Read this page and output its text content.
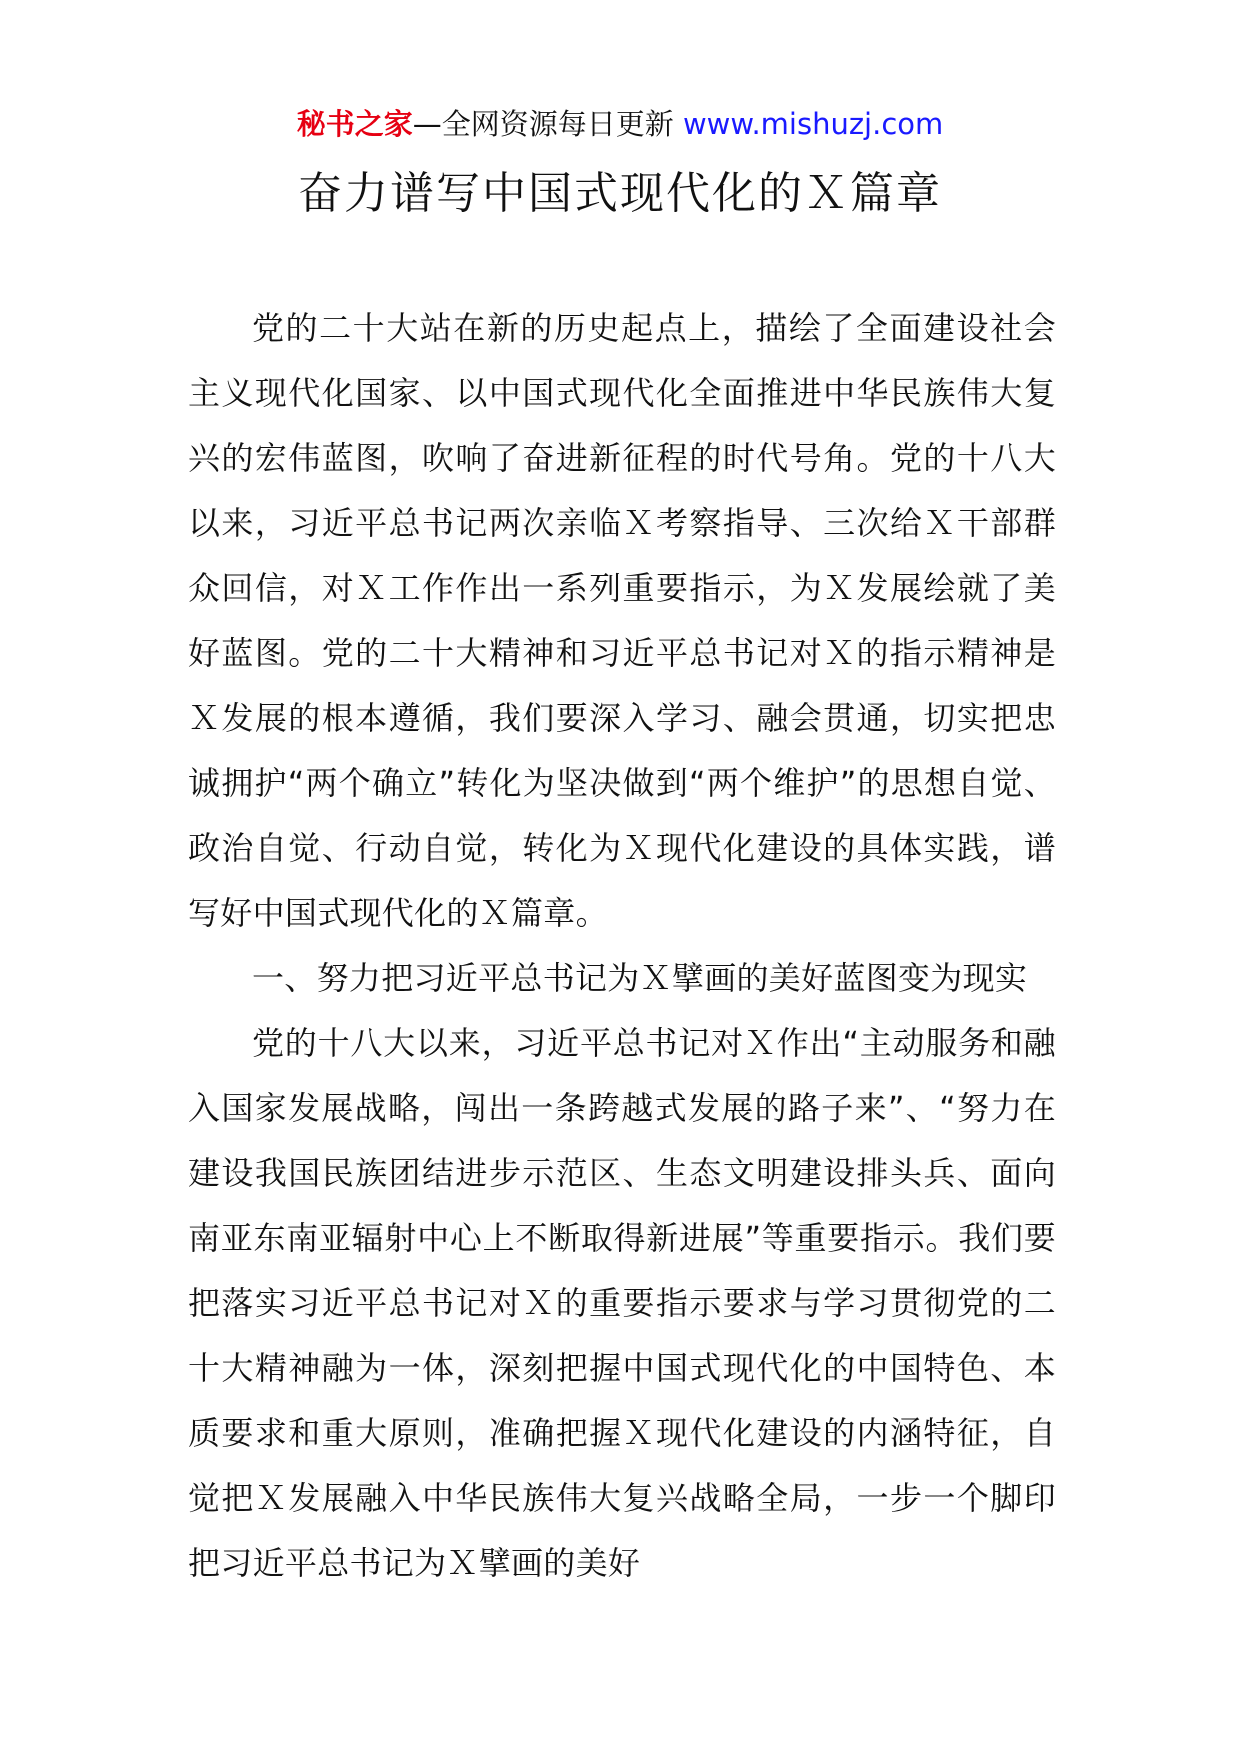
秘书之家—全网资源每日更新 www.mishuzj.com
奋力谱写中国式现代化的Ｘ篇章

党的二十大站在新的历史起点上，描绘了全面建设社会主义现代化国家、以中国式现代化全面推进中华民族伟大复兴的宏伟蓝图，吹响了奋进新征程的时代号角。党的十八大以来，习近平总书记两次亲临Ｘ考察指导、三次给Ｘ干部群众回信，对Ｘ工作作出一系列重要指示，为Ｘ发展绘就了美好蓝图。党的二十大精神和习近平总书记对Ｘ的指示精神是Ｘ发展的根本遵循，我们要深入学习、融会贯通，切实把忠诚拥护“两个确立”转化为坚决做到“两个维护”的思想自觉、政治自觉、行动自觉，转化为Ｘ现代化建设的具体实践，谱写好中国式现代化的Ｘ篇章。

一、努力把习近平总书记为Ｘ擘画的美好蓝图变为现实

党的十八大以来，习近平总书记对Ｘ作出“主动服务和融入国家发展战略，闯出一条跨越式发展的路子来”、“努力在建设我国民族团结进步示范区、生态文明建设排头兵、面向南亚东南亚辐射中心上不断取得新进展”等重要指示。我们要把落实习近平总书记对Ｘ的重要指示要求与学习贯彻党的二十大精神融为一体，深刻把握中国式现代化的中国特色、本质要求和重大原则，准确把握Ｘ现代化建设的内涵特征，自觉把Ｘ发展融入中华民族伟大复兴战略全局，一步一个脚印把习近平总书记为Ｘ擘画的美好
